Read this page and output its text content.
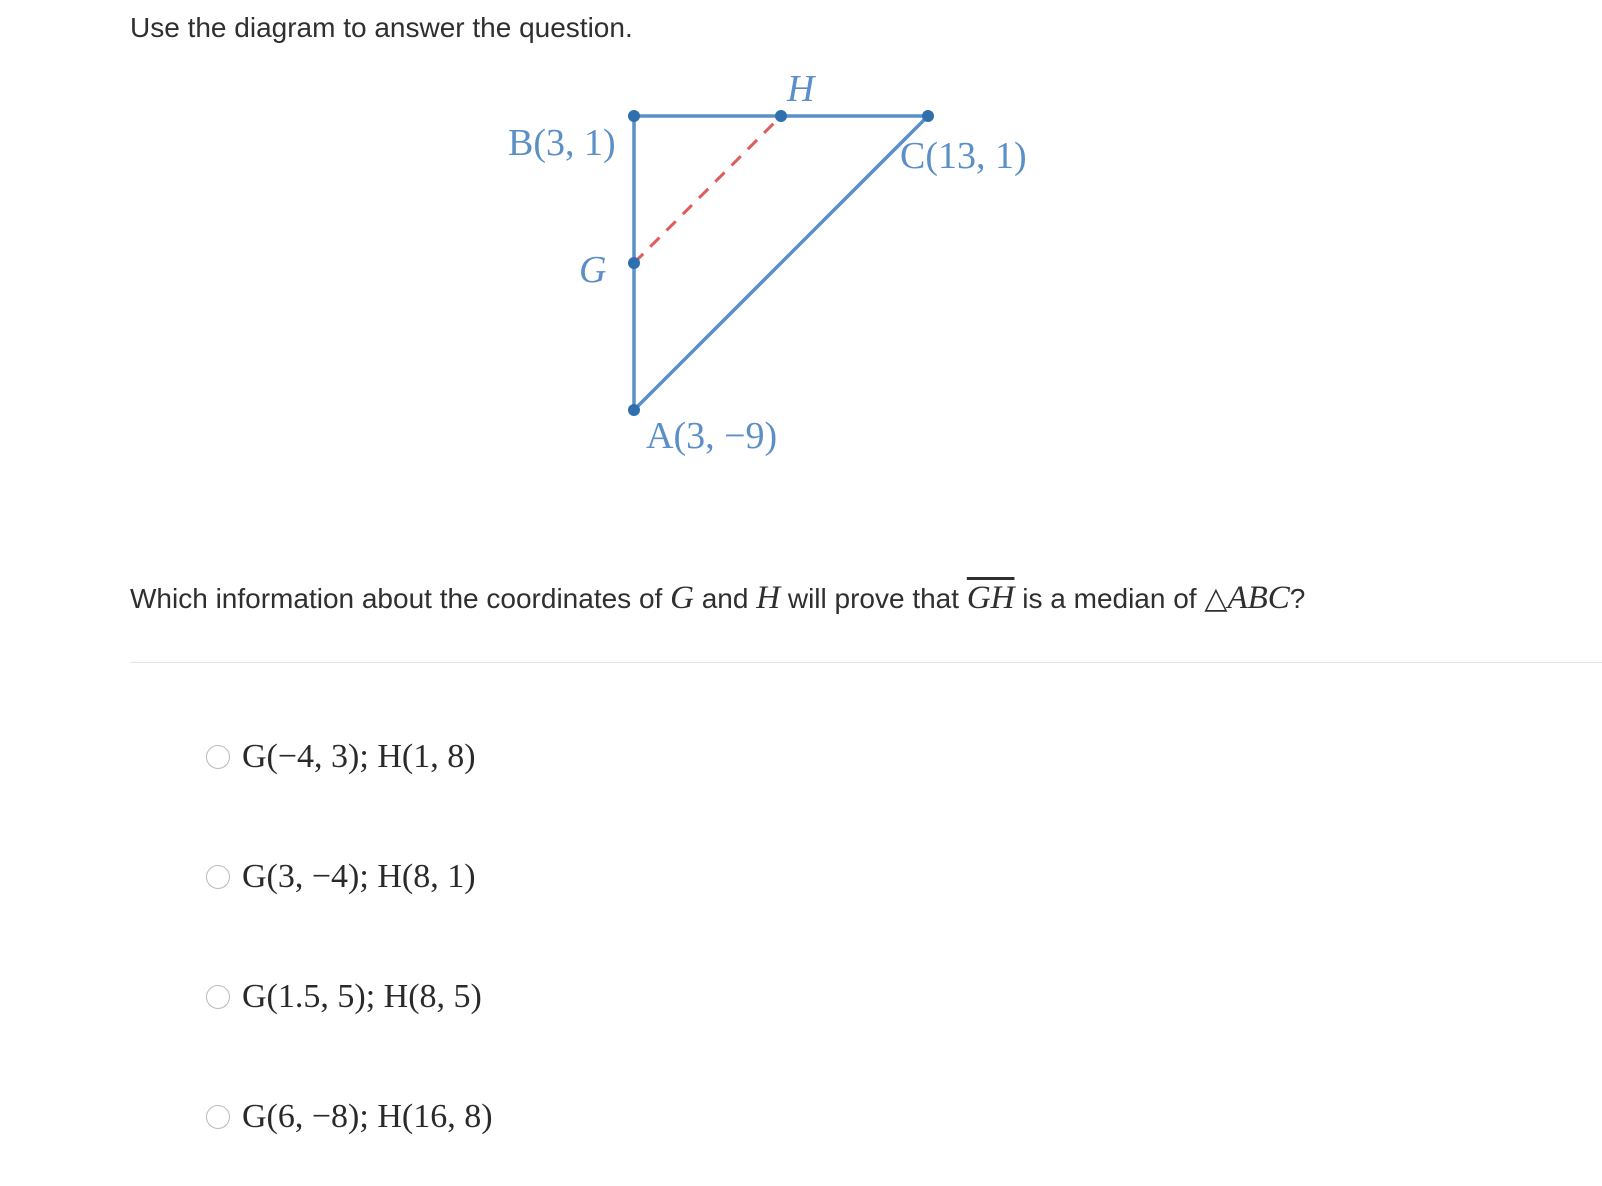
Use the diagram to answer the question.
B(3, 1)	C(13, 1)
A(3, −9)
G
H
Which information about the coordinates of G and H will prove that $\overline{GH}$ is a median of △ABC?
G(−4, 3); H(1, 8)
G(3, −4); H(8, 1)
G(1.5, 5); H(8, 5)
G(6, −8); H(16, 8)
